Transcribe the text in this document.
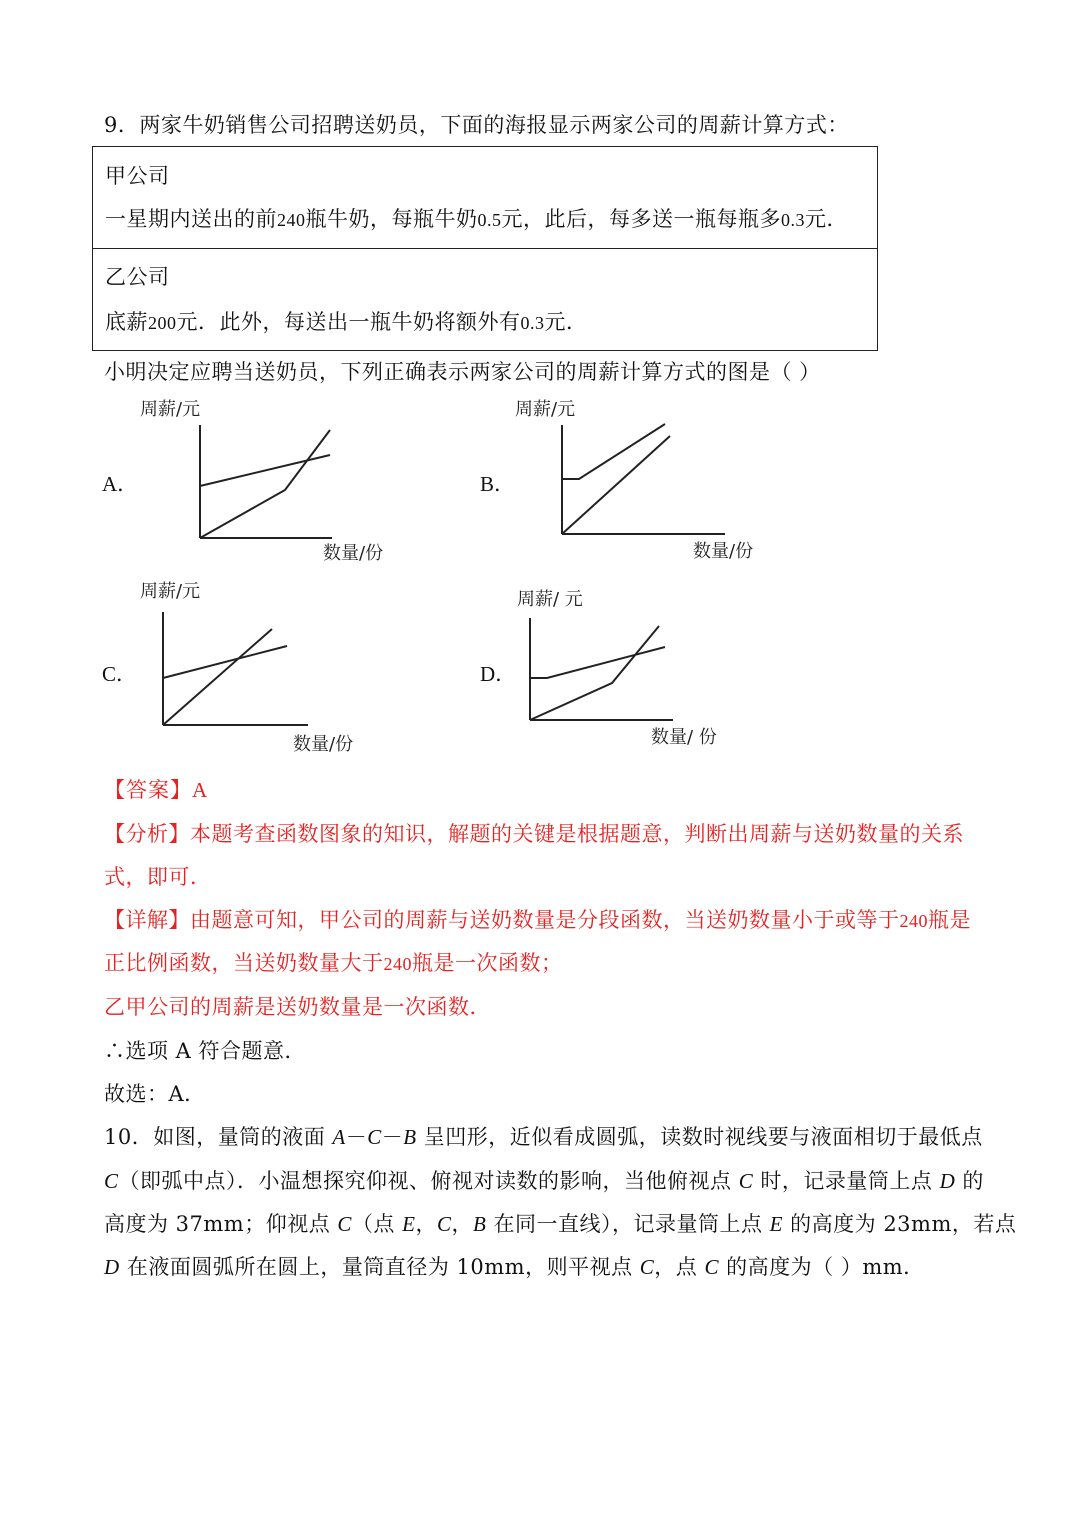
9．两家牛奶销售公司招聘送奶员，下面的海报显示两家公司的周薪计算方式：
甲公司
一星期内送出的前240瓶牛奶，每瓶牛奶0.5元，此后，每多送一瓶每瓶多0.3元．
乙公司
底薪200元．此外，每送出一瓶牛奶将额外有0.3元．
小明决定应聘当送奶员，下列正确表示两家公司的周薪计算方式的图是（ ）
A．
周薪/元
数量/份
B．
周薪/元
数量/份
C．
周薪/元
数量/份
D．
周薪/ 元
数量/ 份
【答案】A
【分析】本题考查函数图象的知识，解题的关键是根据题意，判断出周薪与送奶数量的关系
式，即可．
【详解】由题意可知，甲公司的周薪与送奶数量是分段函数，当送奶数量小于或等于240瓶是
正比例函数，当送奶数量大于240瓶是一次函数；
乙甲公司的周薪是送奶数量是一次函数．
∴选项 A 符合题意．
故选：A．
10．如图，量筒的液面 A－C－B 呈凹形，近似看成圆弧，读数时视线要与液面相切于最低点
C（即弧中点）．小温想探究仰视、俯视对读数的影响，当他俯视点 C 时，记录量筒上点 D 的
高度为 37mm；仰视点 C（点 E，C，B 在同一直线），记录量筒上点 E 的高度为 23mm，若点
D 在液面圆弧所在圆上，量筒直径为 10mm，则平视点 C，点 C 的高度为（ ）mm．
